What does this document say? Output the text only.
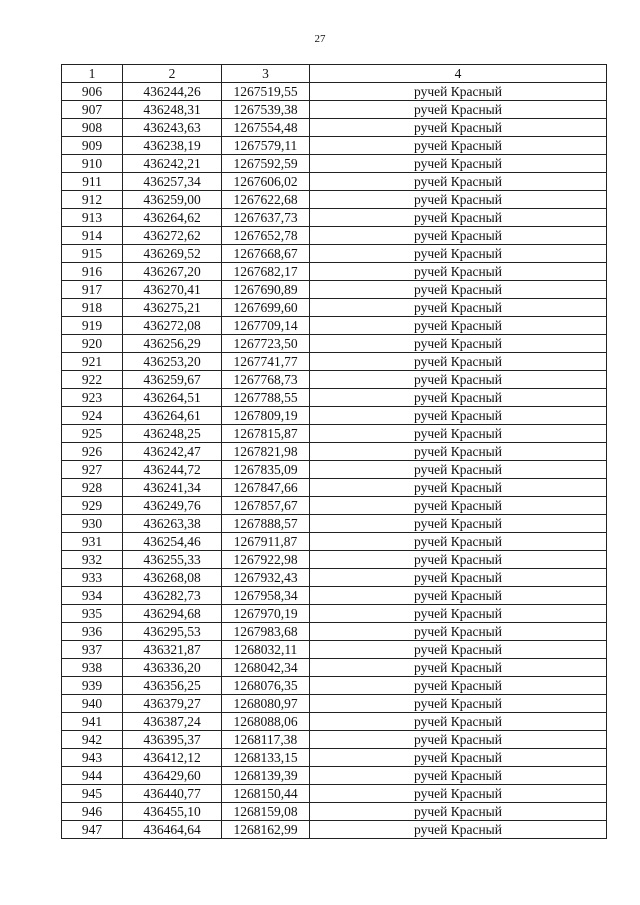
27
1	2	3	4
906	436244,26	1267519,55	ручей Красный
907	436248,31	1267539,38	ручей Красный
908	436243,63	1267554,48	ручей Красный
909	436238,19	1267579,11	ручей Красный
910	436242,21	1267592,59	ручей Красный
911	436257,34	1267606,02	ручей Красный
912	436259,00	1267622,68	ручей Красный
913	436264,62	1267637,73	ручей Красный
914	436272,62	1267652,78	ручей Красный
915	436269,52	1267668,67	ручей Красный
916	436267,20	1267682,17	ручей Красный
917	436270,41	1267690,89	ручей Красный
918	436275,21	1267699,60	ручей Красный
919	436272,08	1267709,14	ручей Красный
920	436256,29	1267723,50	ручей Красный
921	436253,20	1267741,77	ручей Красный
922	436259,67	1267768,73	ручей Красный
923	436264,51	1267788,55	ручей Красный
924	436264,61	1267809,19	ручей Красный
925	436248,25	1267815,87	ручей Красный
926	436242,47	1267821,98	ручей Красный
927	436244,72	1267835,09	ручей Красный
928	436241,34	1267847,66	ручей Красный
929	436249,76	1267857,67	ручей Красный
930	436263,38	1267888,57	ручей Красный
931	436254,46	1267911,87	ручей Красный
932	436255,33	1267922,98	ручей Красный
933	436268,08	1267932,43	ручей Красный
934	436282,73	1267958,34	ручей Красный
935	436294,68	1267970,19	ручей Красный
936	436295,53	1267983,68	ручей Красный
937	436321,87	1268032,11	ручей Красный
938	436336,20	1268042,34	ручей Красный
939	436356,25	1268076,35	ручей Красный
940	436379,27	1268080,97	ручей Красный
941	436387,24	1268088,06	ручей Красный
942	436395,37	1268117,38	ручей Красный
943	436412,12	1268133,15	ручей Красный
944	436429,60	1268139,39	ручей Красный
945	436440,77	1268150,44	ручей Красный
946	436455,10	1268159,08	ручей Красный
947	436464,64	1268162,99	ручей Красный
